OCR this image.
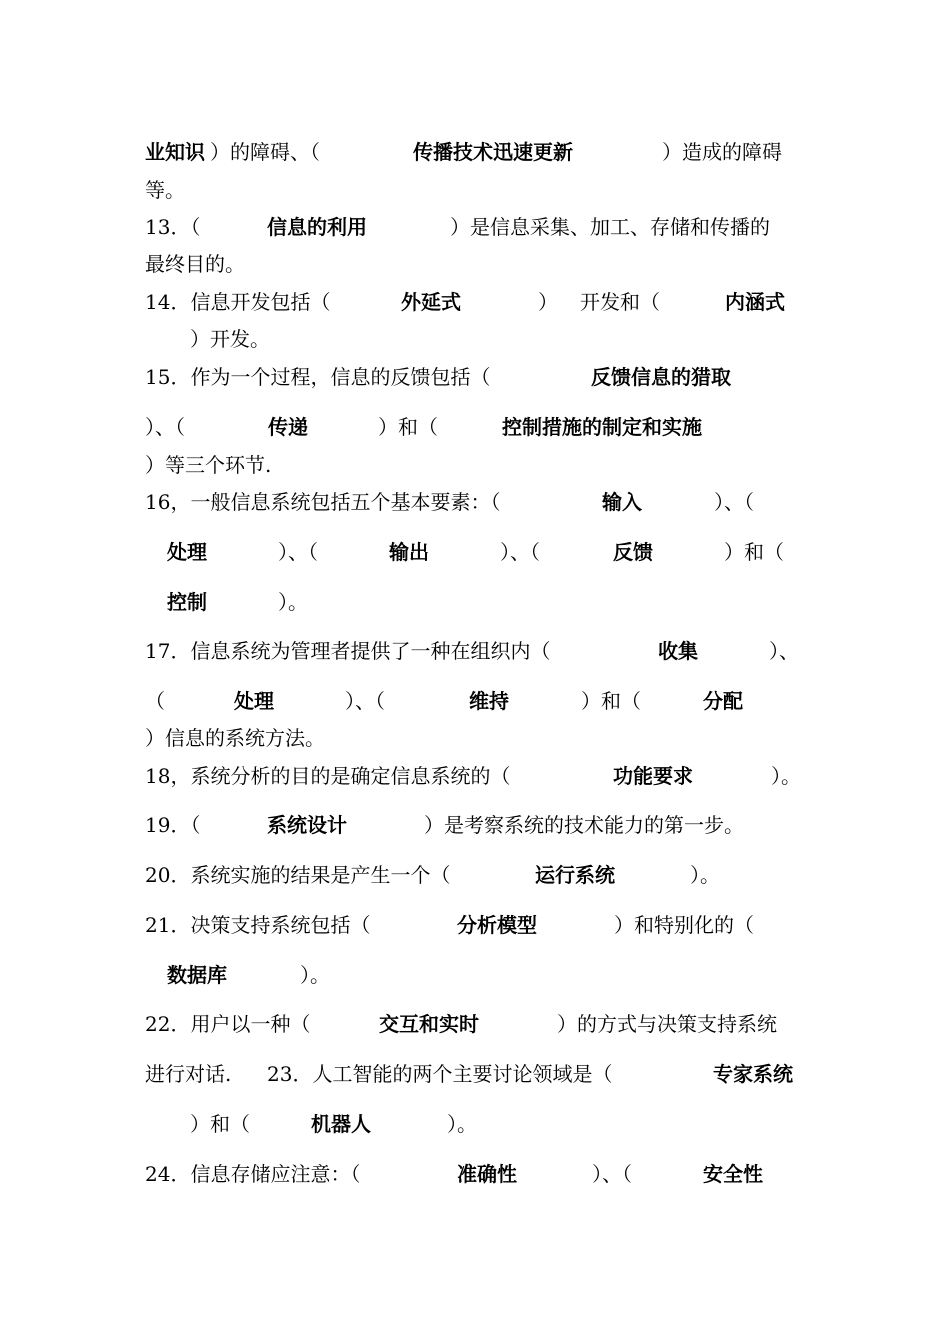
业知识 ）的障碍、（	传播技术迅速更新	）造成的障碍
等。
13．（	信息的利用	）是信息采集、加工、存储和传播的
最终目的。
14．信息开发包括（	外延式	） 开发和（	内涵式
）开发。
15．作为一个过程，信息的反馈包括（	反馈信息的猎取
）、（	传递	）和（	控制措施的制定和实施
）等三个环节.
16，一般信息系统包括五个基本要素：（	输入	）、（
处理	）、（	输出	）、（	反馈	）和（
控制	）。
17．信息系统为管理者提供了一种在组织内（	收集	）、
（	处理	）、（	维持	）和（	分配
）信息的系统方法。
18，系统分析的目的是确定信息系统的（	功能要求	）。
19．（	系统设计	）是考察系统的技术能力的第一步。
20．系统实施的结果是产生一个（	运行系统	）。
21．决策支持系统包括（	分析模型	）和特别化的（
数据库	）。
22．用户以一种（	交互和实时	）的方式与决策支持系统
进行对话. 23．人工智能的两个主要讨论领域是（	专家系统
）和（	机器人	）。
24．信息存储应注意：（	准确性	）、（	安全性
